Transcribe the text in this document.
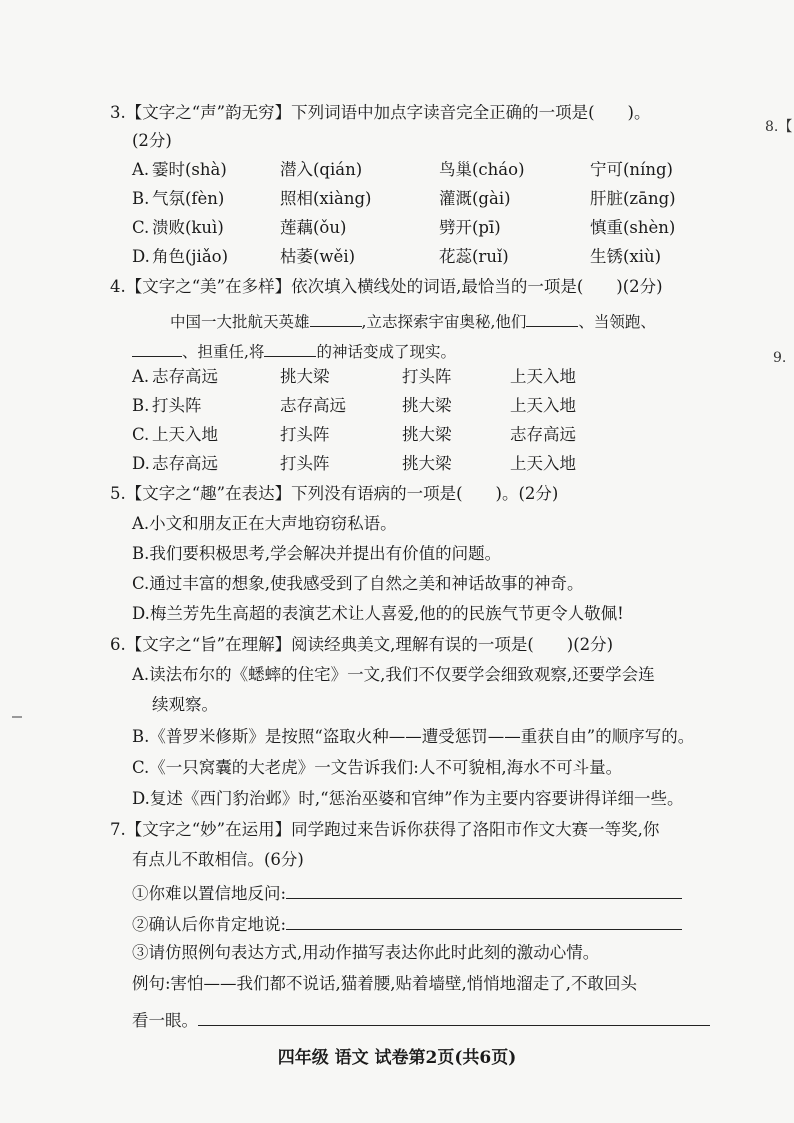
8.【
9.
3.【文字之“声”韵无穷】下列词语中加点字读音完全正确的一项是(　　)。
(2分)
A. 霎时(shà)	潜入(qián)	鸟巢(cháo)	宁可(níng)
B. 气氛(fèn)	照相(xiàng)	灌溉(gài)	肝脏(zāng)
C. 溃败(kuì)	莲藕(ǒu)	劈开(pī)	慎重(shèn)
D. 角色(jiǎo)	枯萎(wěi)	花蕊(ruǐ)	生锈(xiù)
4.【文字之“美”在多样】依次填入横线处的词语,最恰当的一项是(　　)(2分)
中国一大批航天英雄	,立志探索宇宙奥秘,他们	、当领跑、
、担重任,将	的神话变成了现实。
A. 志存高远	挑大梁	打头阵	上天入地
B. 打头阵	志存高远	挑大梁	上天入地
C. 上天入地	打头阵	挑大梁	志存高远
D. 志存高远	打头阵	挑大梁	上天入地
5.【文字之“趣”在表达】下列没有语病的一项是(　　)。(2分)
A.小文和朋友正在大声地窃窃私语。
B.我们要积极思考,学会解决并提出有价值的问题。
C.通过丰富的想象,使我感受到了自然之美和神话故事的神奇。
D.梅兰芳先生高超的表演艺术让人喜爱,他的的民族气节更令人敬佩!
6.【文字之“旨”在理解】阅读经典美文,理解有误的一项是(　　)(2分)
A.读法布尔的《蟋蟀的住宅》一文,我们不仅要学会细致观察,还要学会连
续观察。
B.《普罗米修斯》是按照“盗取火种——遭受惩罚——重获自由”的顺序写的。
C.《一只窝囊的大老虎》一文告诉我们:人不可貌相,海水不可斗量。
D.复述《西门豹治邺》时,“惩治巫婆和官绅”作为主要内容要讲得详细一些。
7.【文字之“妙”在运用】同学跑过来告诉你获得了洛阳市作文大赛一等奖,你
有点儿不敢相信。(6分)
①你难以置信地反问:
②确认后你肯定地说:
③请仿照例句表达方式,用动作描写表达你此时此刻的激动心情。
例句:害怕——我们都不说话,猫着腰,贴着墙壁,悄悄地溜走了,不敢回头
看一眼。
四年级 语文 试卷第2页(共6页)
